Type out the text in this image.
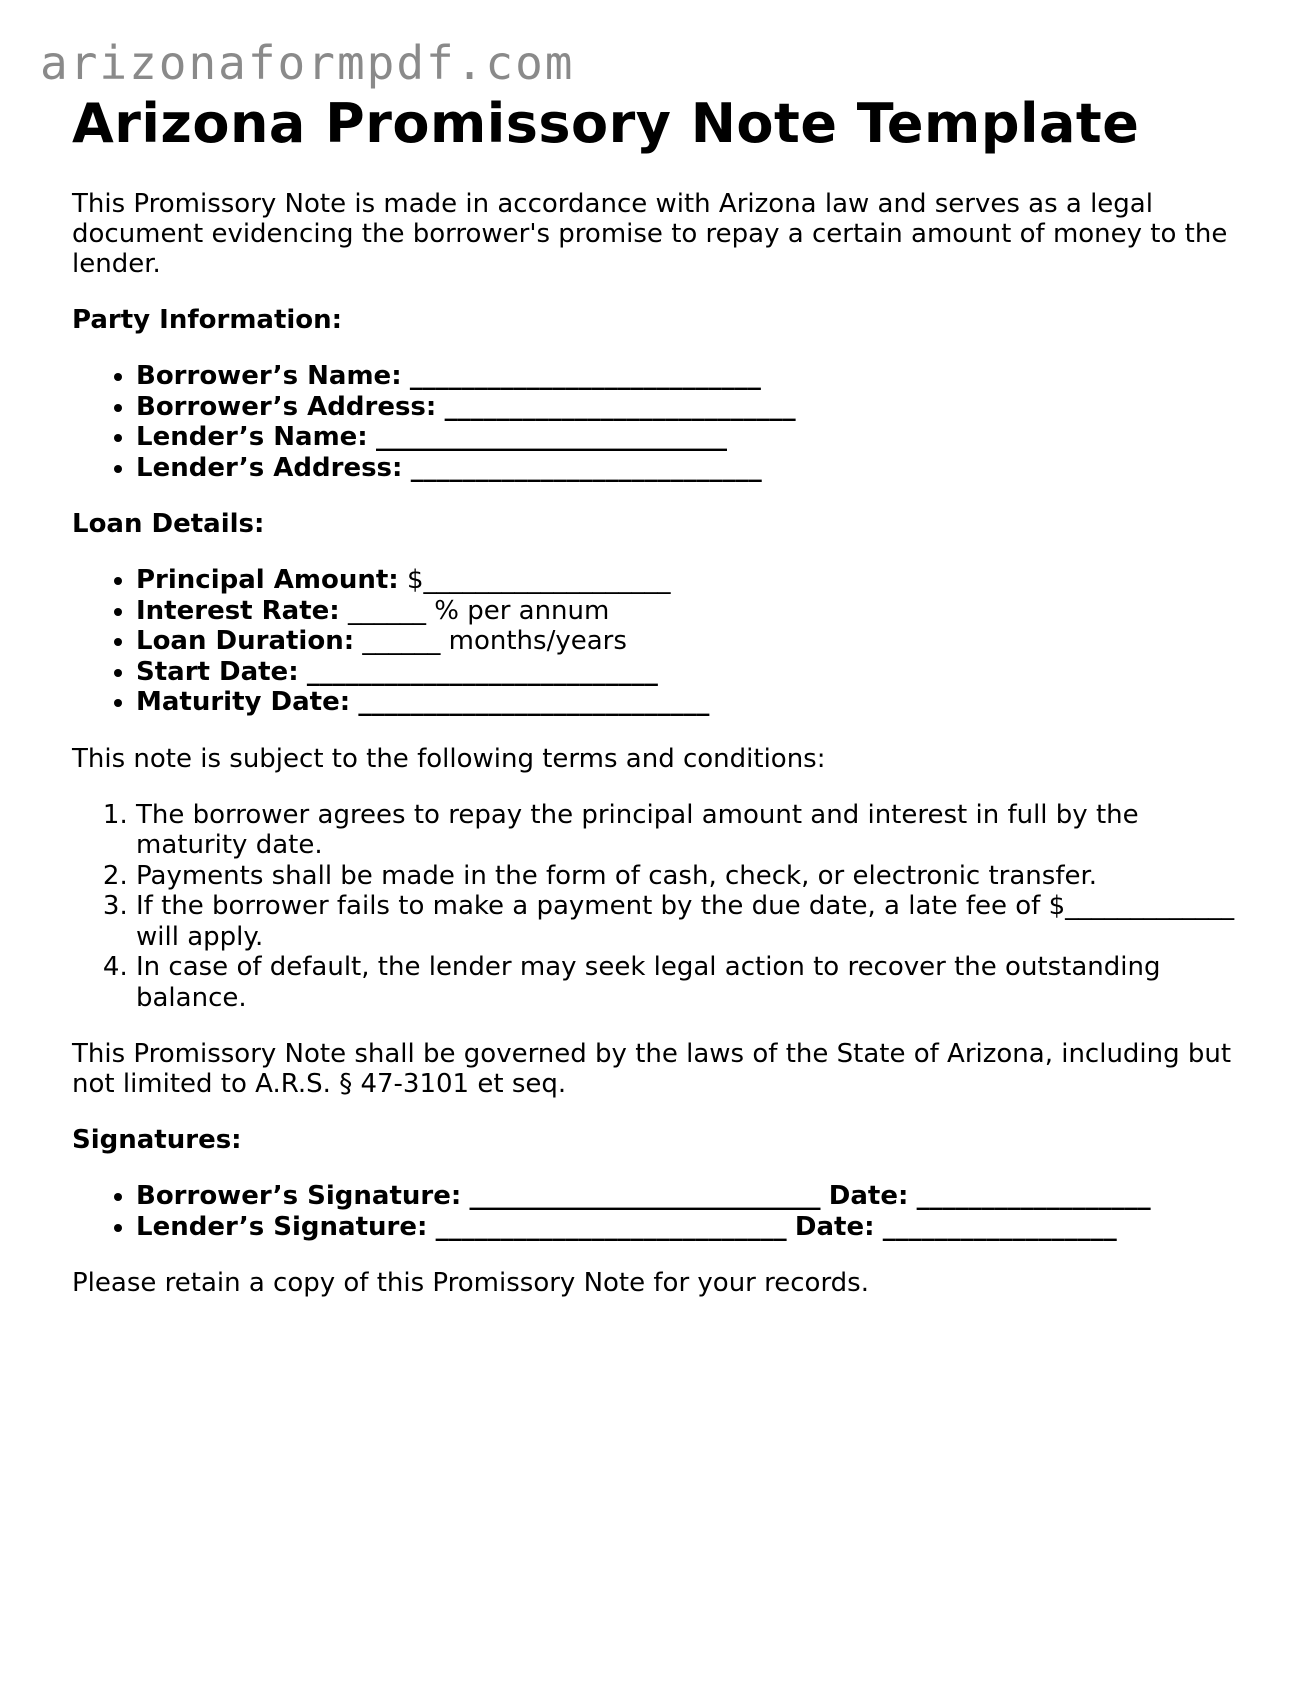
arizonaformpdf.com
Arizona Promissory Note Template

This Promissory Note is made in accordance with Arizona law and serves as a legal document evidencing the borrower's promise to repay a certain amount of money to the lender.

Party Information:

• Borrower’s Name: ___________________________
• Borrower’s Address: ___________________________
• Lender’s Name: ___________________________
• Lender’s Address: ___________________________

Loan Details:

• Principal Amount: $___________________
• Interest Rate: ______ % per annum
• Loan Duration: ______ months/years
• Start Date: ___________________________
• Maturity Date: ___________________________

This note is subject to the following terms and conditions:

1. The borrower agrees to repay the principal amount and interest in full by the maturity date.
2. Payments shall be made in the form of cash, check, or electronic transfer.
3. If the borrower fails to make a payment by the due date, a late fee of $_____________ will apply.
4. In case of default, the lender may seek legal action to recover the outstanding balance.

This Promissory Note shall be governed by the laws of the State of Arizona, including but not limited to A.R.S. § 47-3101 et seq.

Signatures:

• Borrower’s Signature: ___________________________ Date: __________________
• Lender’s Signature: ___________________________ Date: __________________

Please retain a copy of this Promissory Note for your records.
